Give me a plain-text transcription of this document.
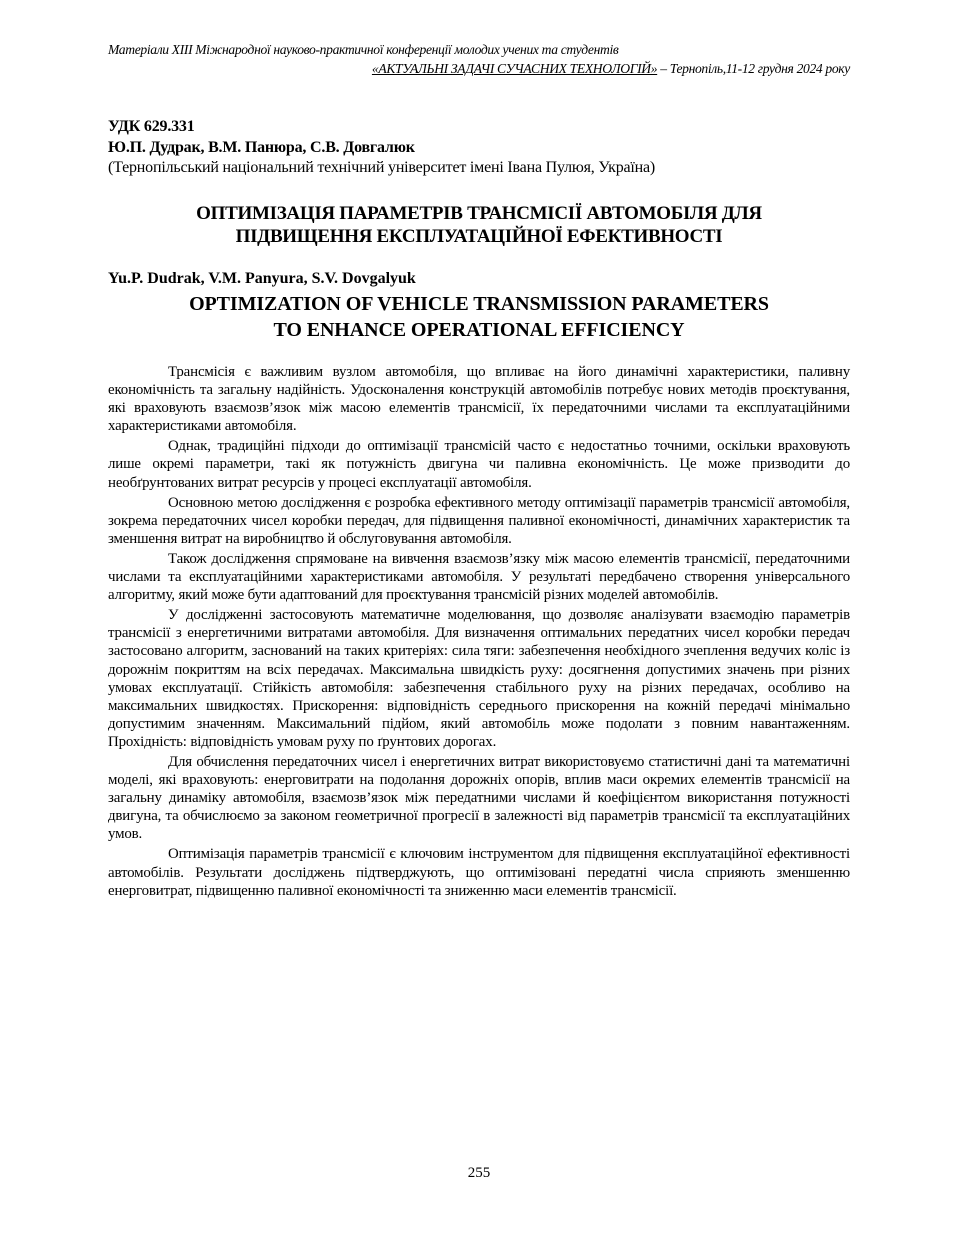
Матеріали XIII Міжнародної науково-практичної конференції молодих учених та студентів
«АКТУАЛЬНІ ЗАДАЧІ СУЧАСНИХ ТЕХНОЛОГІЙ» – Тернопіль,11-12 грудня 2024 року
УДК 629.331
Ю.П. Дудрак, В.М. Панюра, С.В. Довгалюк
(Тернопільський національний технічний університет імені Івана Пулюя, Україна)
ОПТИМІЗАЦІЯ ПАРАМЕТРІВ ТРАНСМІСІЇ АВТОМОБІЛЯ ДЛЯ
ПІДВИЩЕННЯ ЕКСПЛУАТАЦІЙНОЇ ЕФЕКТИВНОСТІ
Yu.P. Dudrak, V.M. Panyura, S.V. Dovgalyuk
OPTIMIZATION OF VEHICLE TRANSMISSION PARAMETERS
TO ENHANCE OPERATIONAL EFFICIENCY

Трансмісія є важливим вузлом автомобіля, що впливає на його динамічні характеристики, паливну економічність та загальну надійність. Удосконалення конструкцій автомобілів потребує нових методів проєктування, які враховують взаємозв’язок між масою елементів трансмісії, їх передаточними числами та експлуатаційними характеристиками автомобіля.

Однак, традиційні підходи до оптимізації трансмісій часто є недостатньо точними, оскільки враховують лише окремі параметри, такі як потужність двигуна чи паливна економічність. Це може призводити до необґрунтованих витрат ресурсів у процесі експлуатації автомобіля.

Основною метою дослідження є розробка ефективного методу оптимізації параметрів трансмісії автомобіля, зокрема передаточних чисел коробки передач, для підвищення паливної економічності, динамічних характеристик та зменшення витрат на виробництво й обслуговування автомобіля.

Також дослідження спрямоване на вивчення взаємозв’язку між масою елементів трансмісії, передаточними числами та експлуатаційними характеристиками автомобіля. У результаті передбачено створення універсального алгоритму, який може бути адаптований для проєктування трансмісій різних моделей автомобілів.

У дослідженні застосовують математичне моделювання, що дозволяє аналізувати взаємодію параметрів трансмісії з енергетичними витратами автомобіля. Для визначення оптимальних передатних чисел коробки передач застосовано алгоритм, заснований на таких критеріях: сила тяги: забезпечення необхідного зчеплення ведучих коліс із дорожнім покриттям на всіх передачах. Максимальна швидкість руху: досягнення допустимих значень при різних умовах експлуатації. Стійкість автомобіля: забезпечення стабільного руху на різних передачах, особливо на максимальних швидкостях. Прискорення: відповідність середнього прискорення на кожній передачі мінімально допустимим значенням. Максимальний підйом, який автомобіль може подолати з повним навантаженням. Прохідність: відповідність умовам руху по ґрунтових дорогах.

Для обчислення передаточних чисел і енергетичних витрат використовуємо статистичні дані та математичні моделі, які враховують: енерговитрати на подолання дорожніх опорів, вплив маси окремих елементів трансмісії на загальну динаміку автомобіля, взаємозв’язок між передатними числами й коефіцієнтом використання потужності двигуна, та обчислюємо за законом геометричної прогресії в залежності від параметрів трансмісії та експлуатаційних умов.

Оптимізація параметрів трансмісії є ключовим інструментом для підвищення експлуатаційної ефективності автомобілів. Результати досліджень підтверджують, що оптимізовані передатні числа сприяють зменшенню енерговитрат, підвищенню паливної економічності та зниженню маси елементів трансмісії.

255
